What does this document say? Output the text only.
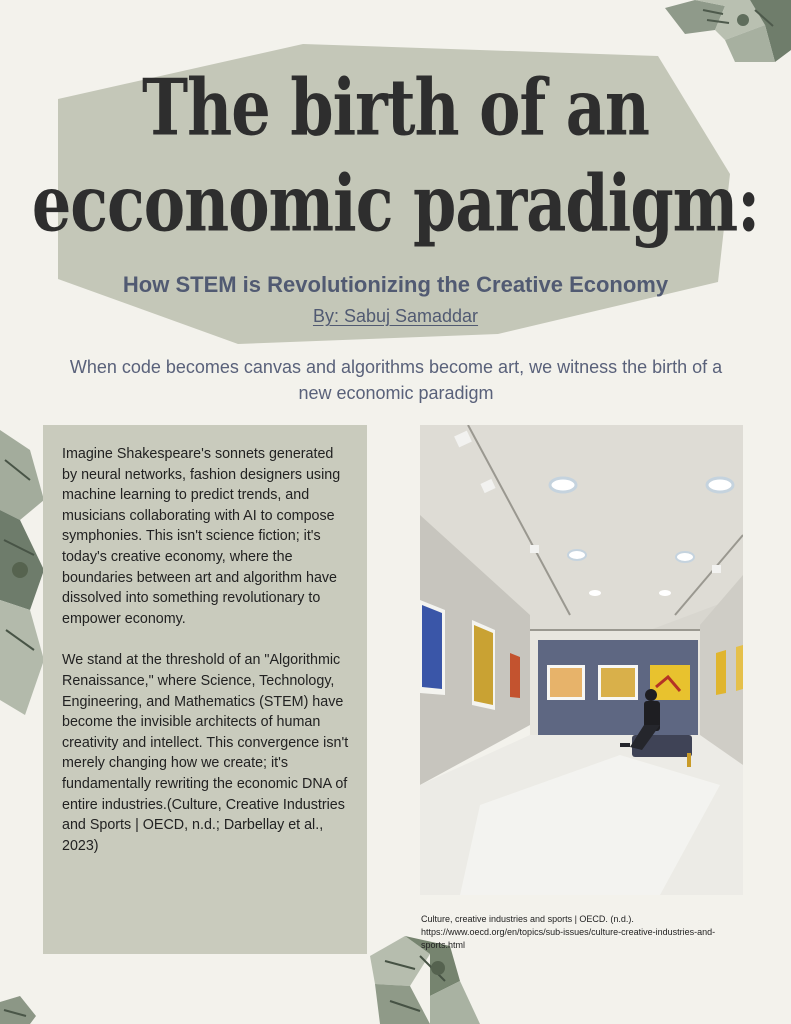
The birth of an
ecconomic paradigm:
How STEM is Revolutionizing the Creative Economy
By: Sabuj Samaddar
When code becomes canvas and algorithms become art, we witness the birth of a new economic paradigm

Imagine Shakespeare's sonnets generated by neural networks, fashion designers using machine learning to predict trends, and musicians collaborating with AI to compose symphonies. This isn't science fiction; it's today's creative economy, where the boundaries between art and algorithm have dissolved into something revolutionary to empower economy.

We stand at the threshold of an "Algorithmic Renaissance," where Science, Technology, Engineering, and Mathematics (STEM) have become the invisible architects of human creativity and intellect. This convergence isn't merely changing how we create; it's fundamentally rewriting the economic DNA of entire industries.(Culture, Creative Industries and Sports | OECD, n.d.; Darbellay et al., 2023)

Culture, creative industries and sports | OECD. (n.d.). https://www.oecd.org/en/topics/sub-issues/culture-creative-industries-and-sports.html
